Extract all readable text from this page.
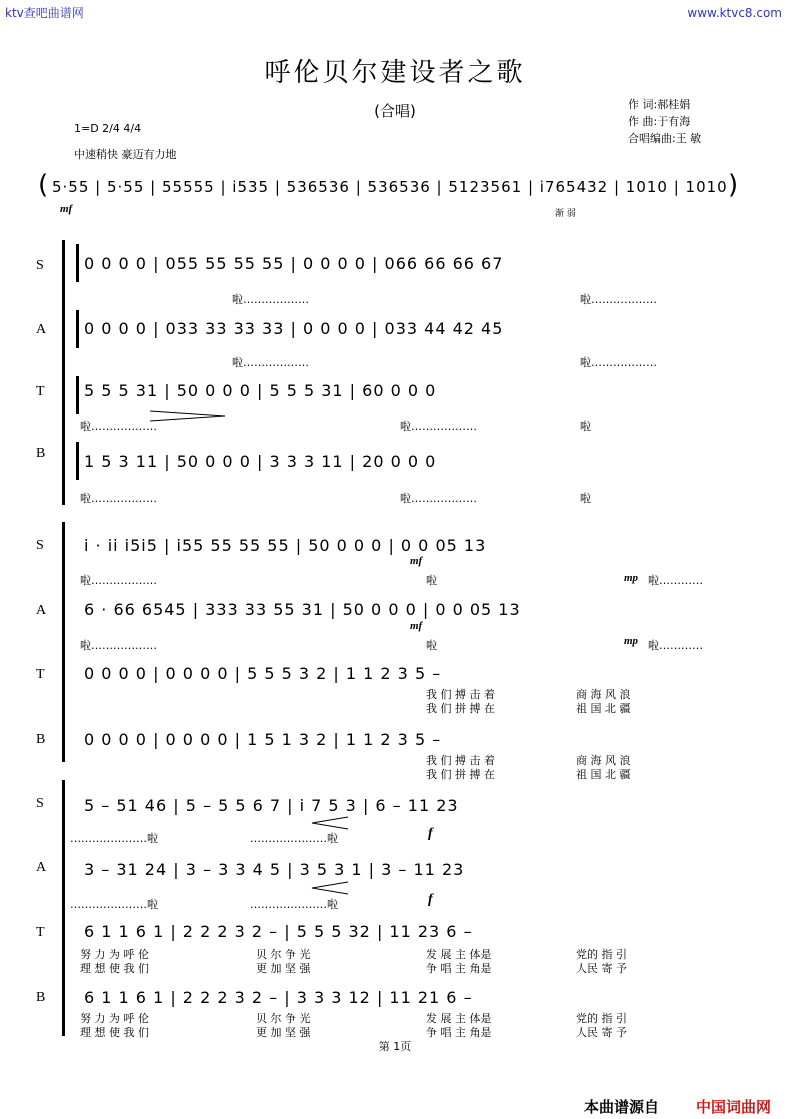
ktv查吧曲谱网	www.ktvc8.com
呼伦贝尔建设者之歌
(合唱)	作 词:郝桂娟
作 曲:于有海
合唱编曲:王 敏
1=D 2/4 4/4
中速稍快 豪迈有力地
( 5·55 | 5·55 | 55555 | i535 | 536536 | 536536 | 5123561 | i765432 | 1010 | 1010 )
mf	渐 弱
S
A
T
B
0 0 0 0 | 055 55 55 55 | 0 0 0 0 | 066 66 66 67
啦………………	啦………………
0 0 0 0 | 033 33 33 33 | 0 0 0 0 | 033 44 42 45
啦………………	啦………………
5 5 5 31 | 50 0 0 0 | 5 5 5 31 | 60 0 0 0
啦………………	啦………………	啦
1 5 3 11 | 50 0 0 0 | 3 3 3 11 | 20 0 0 0
啦………………	啦………………	啦
S
A
T
B
i · ii i5i5 | i55 55 55 55 | 50 0 0 0 | 0 0 05 13
mf
mp
啦………………	啦	啦…………
6 · 66 6545 | 333 33 55 31 | 50 0 0 0 | 0 0 05 13
mf
mp
啦………………	啦	啦…………
0 0 0 0 | 0 0 0 0 | 5 5 5 3 2 | 1 1 2 3 5 –
我 们 搏 击 着
我 们 拼 搏 在
商 海 风 浪
祖 国 北 疆
0 0 0 0 | 0 0 0 0 | 1 5 1 3 2 | 1 1 2 3 5 –
我 们 搏 击 着
我 们 拼 搏 在
商 海 风 浪
祖 国 北 疆
S
A
T
B
5 – 51 46 | 5 – 5 5 6 7 | i 7 5 3 | 6 – 11 23
…………………啦	…………………啦	f
3 – 31 24 | 3 – 3 3 4 5 | 3 5 3 1 | 3 – 11 23
…………………啦	…………………啦	f
6 1 1 6 1 | 2 2 2 3 2 – | 5 5 5 32 | 11 23 6 –
努 力 为 呼 伦
理 想 使 我 们
贝 尔 争 光
更 加 坚 强
发 展 主 体是
争 唱 主 角是
党的 指 引
人民 寄 予
6 1 1 6 1 | 2 2 2 3 2 – | 3 3 3 12 | 11 21 6 –
努 力 为 呼 伦
理 想 使 我 们
贝 尔 争 光
更 加 坚 强
发 展 主 体是
争 唱 主 角是
党的 指 引
人民 寄 予
第 1页
本曲谱源自 中国词曲网
